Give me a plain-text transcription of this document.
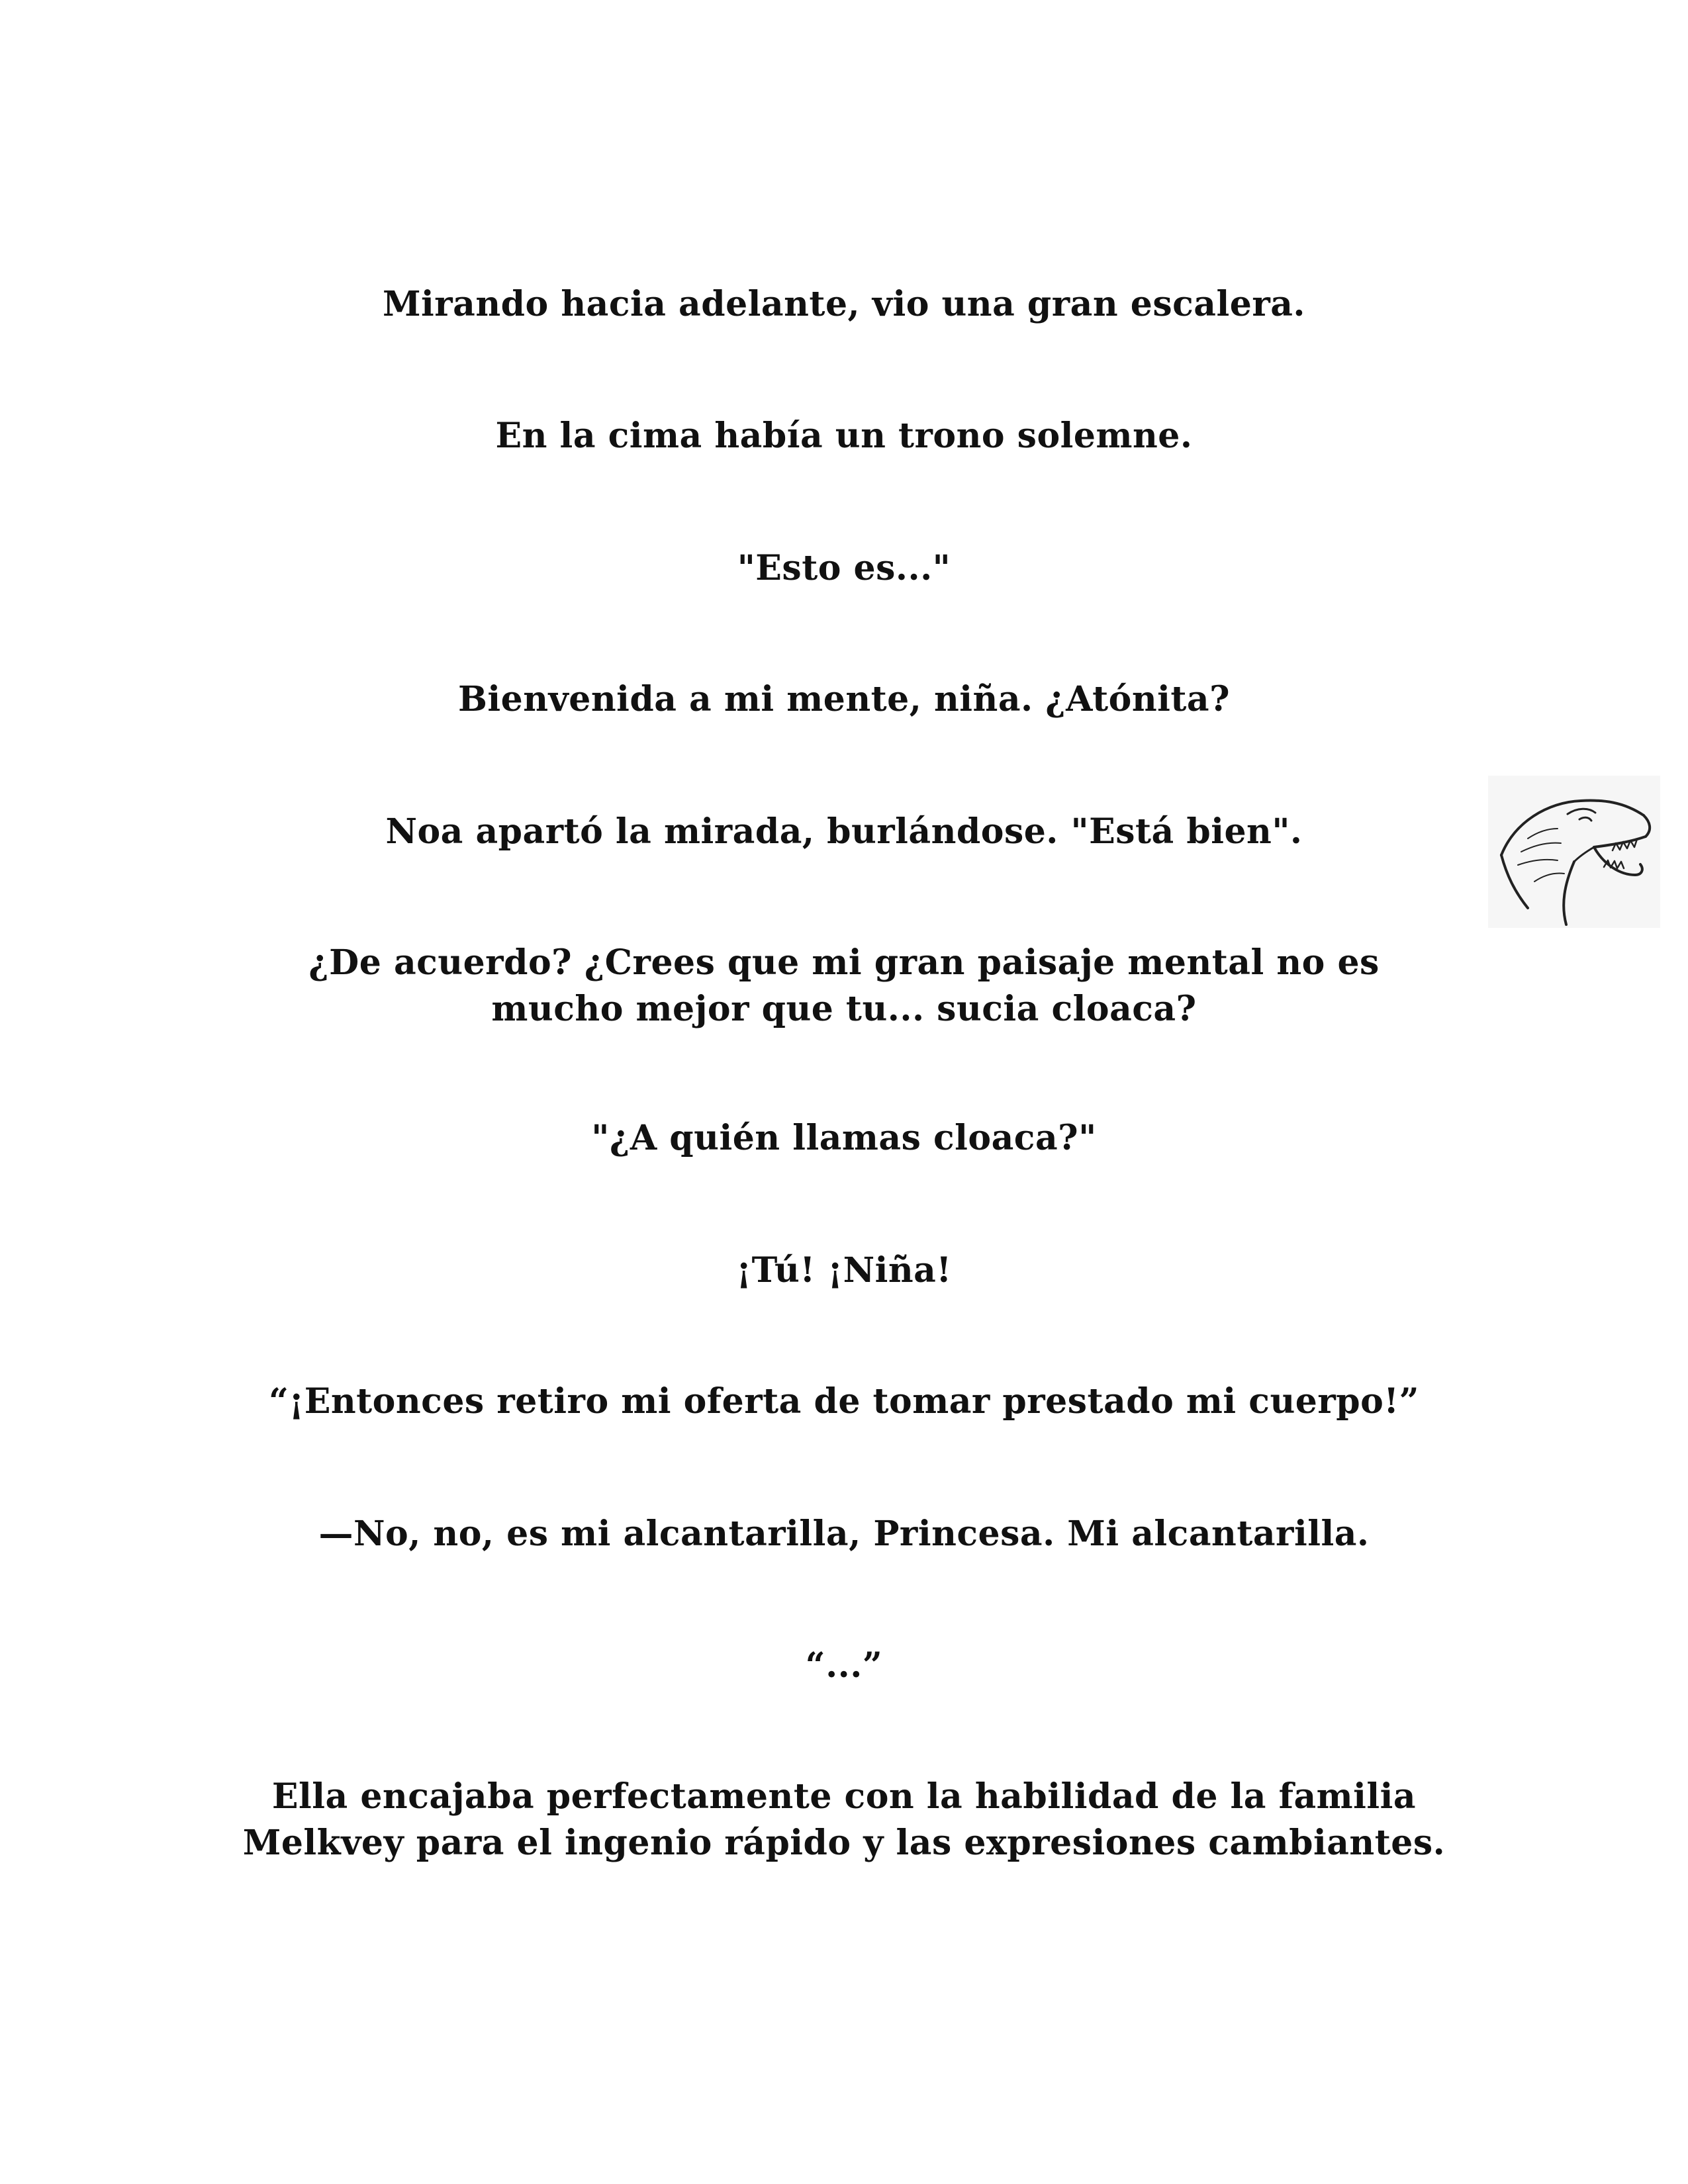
Mirando hacia adelante, vio una gran escalera.
En la cima había un trono solemne.
"Esto es..."
Bienvenida a mi mente, niña. ¿Atónita?
Noa apartó la mirada, burlándose. "Está bien".
¿De acuerdo? ¿Crees que mi gran paisaje mental no es mucho mejor que tu... sucia cloaca?
"¿A quién llamas cloaca?"
¡Tú! ¡Niña!
“¡Entonces retiro mi oferta de tomar prestado mi cuerpo!”
—No, no, es mi alcantarilla, Princesa. Mi alcantarilla.
“...”
Ella encajaba perfectamente con la habilidad de la familia Melkvey para el ingenio rápido y las expresiones cambiantes.
